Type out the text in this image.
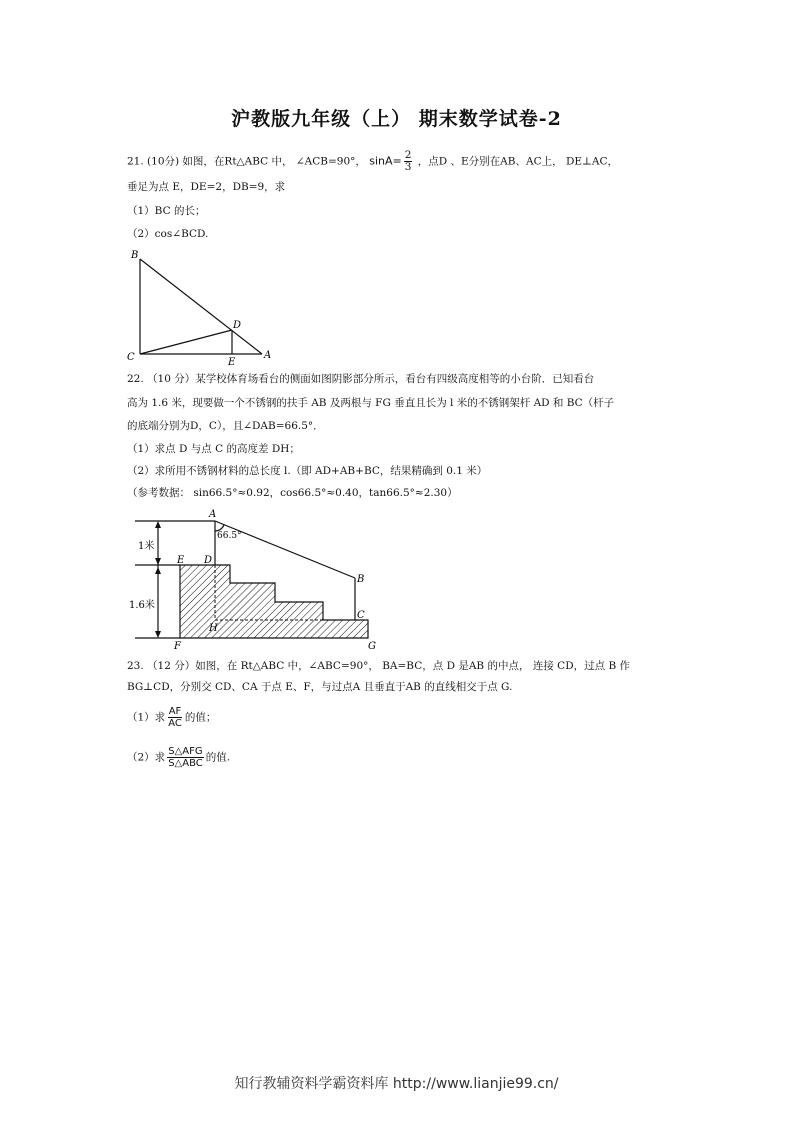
沪教版九年级（上） 期末数学试卷-2
21. (10分) 如图，在Rt△ABC 中， ∠ACB=90°， $\sin A= \frac{2}{3}$ ，点D 、E分别在AB、AC上， DE⊥AC，
垂足为点 E，DE=2，DB=9，求
（1）BC 的长；
（2）cos∠BCD.
B
C
D
E
A
22. （10 分）某学校体育场看台的侧面如图阴影部分所示，看台有四级高度相等的小台阶．已知看台
高为 1.6 米，现要做一个不锈钢的扶手 AB 及两根与 FG 垂直且长为 l 米的不锈钢架杆 AD 和 BC（杆子
的底端分别为D，C），且∠DAB=66.5°．
（1）求点 D 与点 C 的高度差 DH；
（2）求所用不锈钢材料的总长度 l.（即 AD+AB+BC，结果精确到 0.1 米）
（参考数据： sin66.5°≈0.92，cos66.5°≈0.40，tan66.5°≈2.30）
1米
1.6米
66.5°
A
B
C
D
E
F	G
H
23. （12 分）如图，在 Rt△ABC 中，∠ABC=90°， BA=BC，点 D 是AB 的中点， 连接 CD，过点 B 作
BG⊥CD，分别交 CD、CA 于点 E、F，与过点A 且垂直于AB 的直线相交于点 G.
（1）求 $\frac{AF}{AC}$ 的值；
（2）求 $\frac{\text{S△AFG}}{\text{S△ABC}}$ 的值.
知行教辅资料学霸资料库 http://www.lianjie99.cn/
